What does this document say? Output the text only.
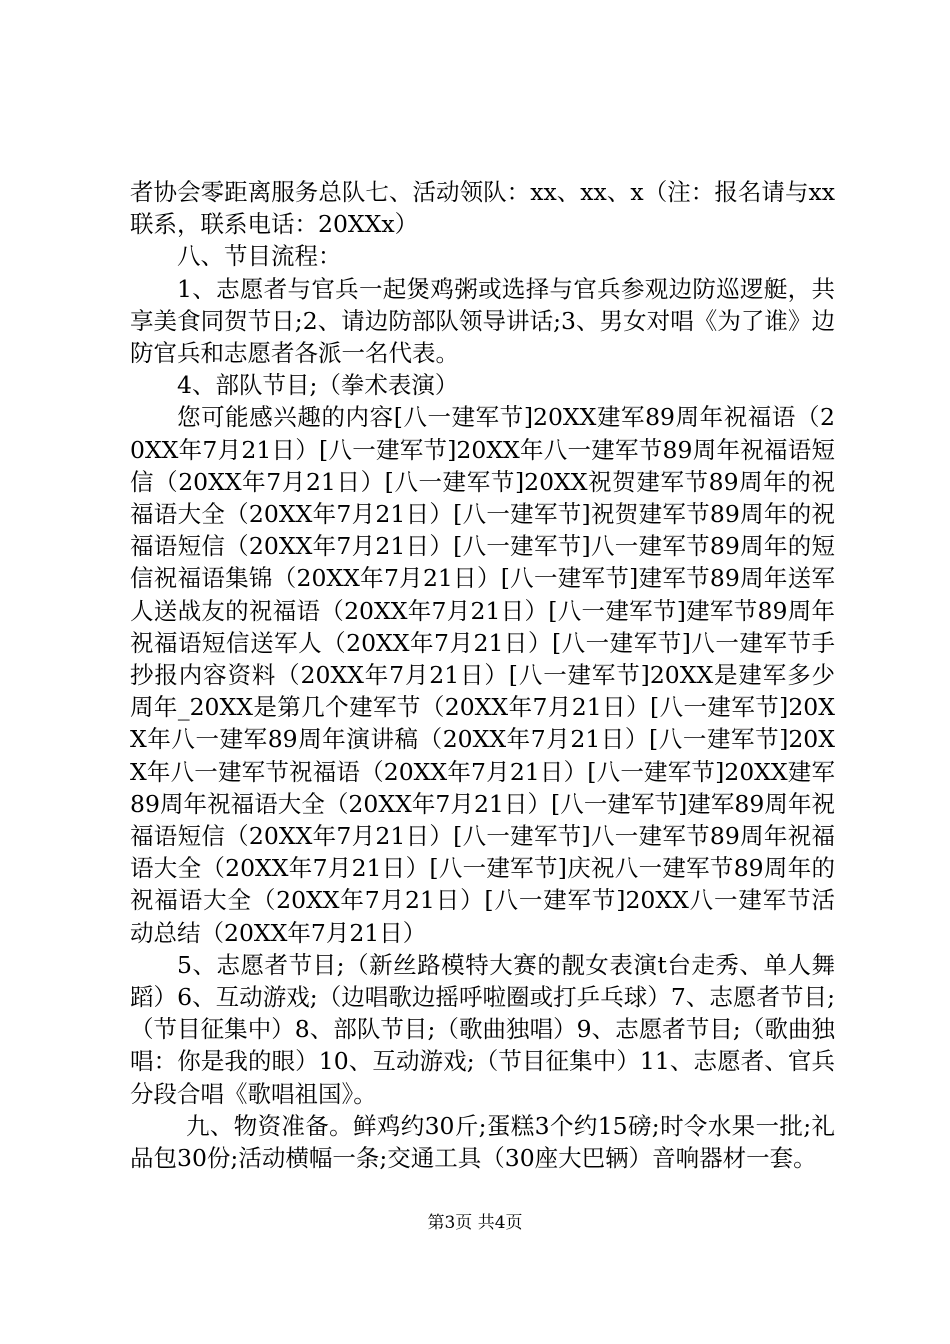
者协会零距离服务总队七、活动领队：xx、xx、x（注：报名请与xx联系，联系电话：20XXx）

八、节目流程：

1、志愿者与官兵一起煲鸡粥或选择与官兵参观边防巡逻艇，共享美食同贺节日;2、请边防部队领导讲话;3、男女对唱《为了谁》边防官兵和志愿者各派一名代表。

4、部队节目;（拳术表演）

您可能感兴趣的内容[八一建军节]20XX建军89周年祝福语（20XX年7月21日）[八一建军节]20XX年八一建军节89周年祝福语短信（20XX年7月21日）[八一建军节]20XX祝贺建军节89周年的祝福语大全（20XX年7月21日）[八一建军节]祝贺建军节89周年的祝福语短信（20XX年7月21日）[八一建军节]八一建军节89周年的短信祝福语集锦（20XX年7月21日）[八一建军节]建军节89周年送军人送战友的祝福语（20XX年7月21日）[八一建军节]建军节89周年祝福语短信送军人（20XX年7月21日）[八一建军节]八一建军节手抄报内容资料（20XX年7月21日）[八一建军节]20XX是建军多少周年_20XX是第几个建军节（20XX年7月21日）[八一建军节]20XX年八一建军89周年演讲稿（20XX年7月21日）[八一建军节]20XX年八一建军节祝福语（20XX年7月21日）[八一建军节]20XX建军89周年祝福语大全（20XX年7月21日）[八一建军节]建军89周年祝福语短信（20XX年7月21日）[八一建军节]八一建军节89周年祝福语大全（20XX年7月21日）[八一建军节]庆祝八一建军节89周年的祝福语大全（20XX年7月21日）[八一建军节]20XX八一建军节活动总结（20XX年7月21日）

5、志愿者节目;（新丝路模特大赛的靓女表演t台走秀、单人舞蹈）6、互动游戏;（边唱歌边摇呼啦圈或打乒乓球）7、志愿者节目;（节目征集中）8、部队节目;（歌曲独唱）9、志愿者节目;（歌曲独唱：你是我的眼）10、互动游戏;（节目征集中）11、志愿者、官兵分段合唱《歌唱祖国》。

九、物资准备。鲜鸡约30斤;蛋糕3个约15磅;时令水果一批;礼品包30份;活动横幅一条;交通工具（30座大巴辆）音响器材一套。

第3页 共4页
